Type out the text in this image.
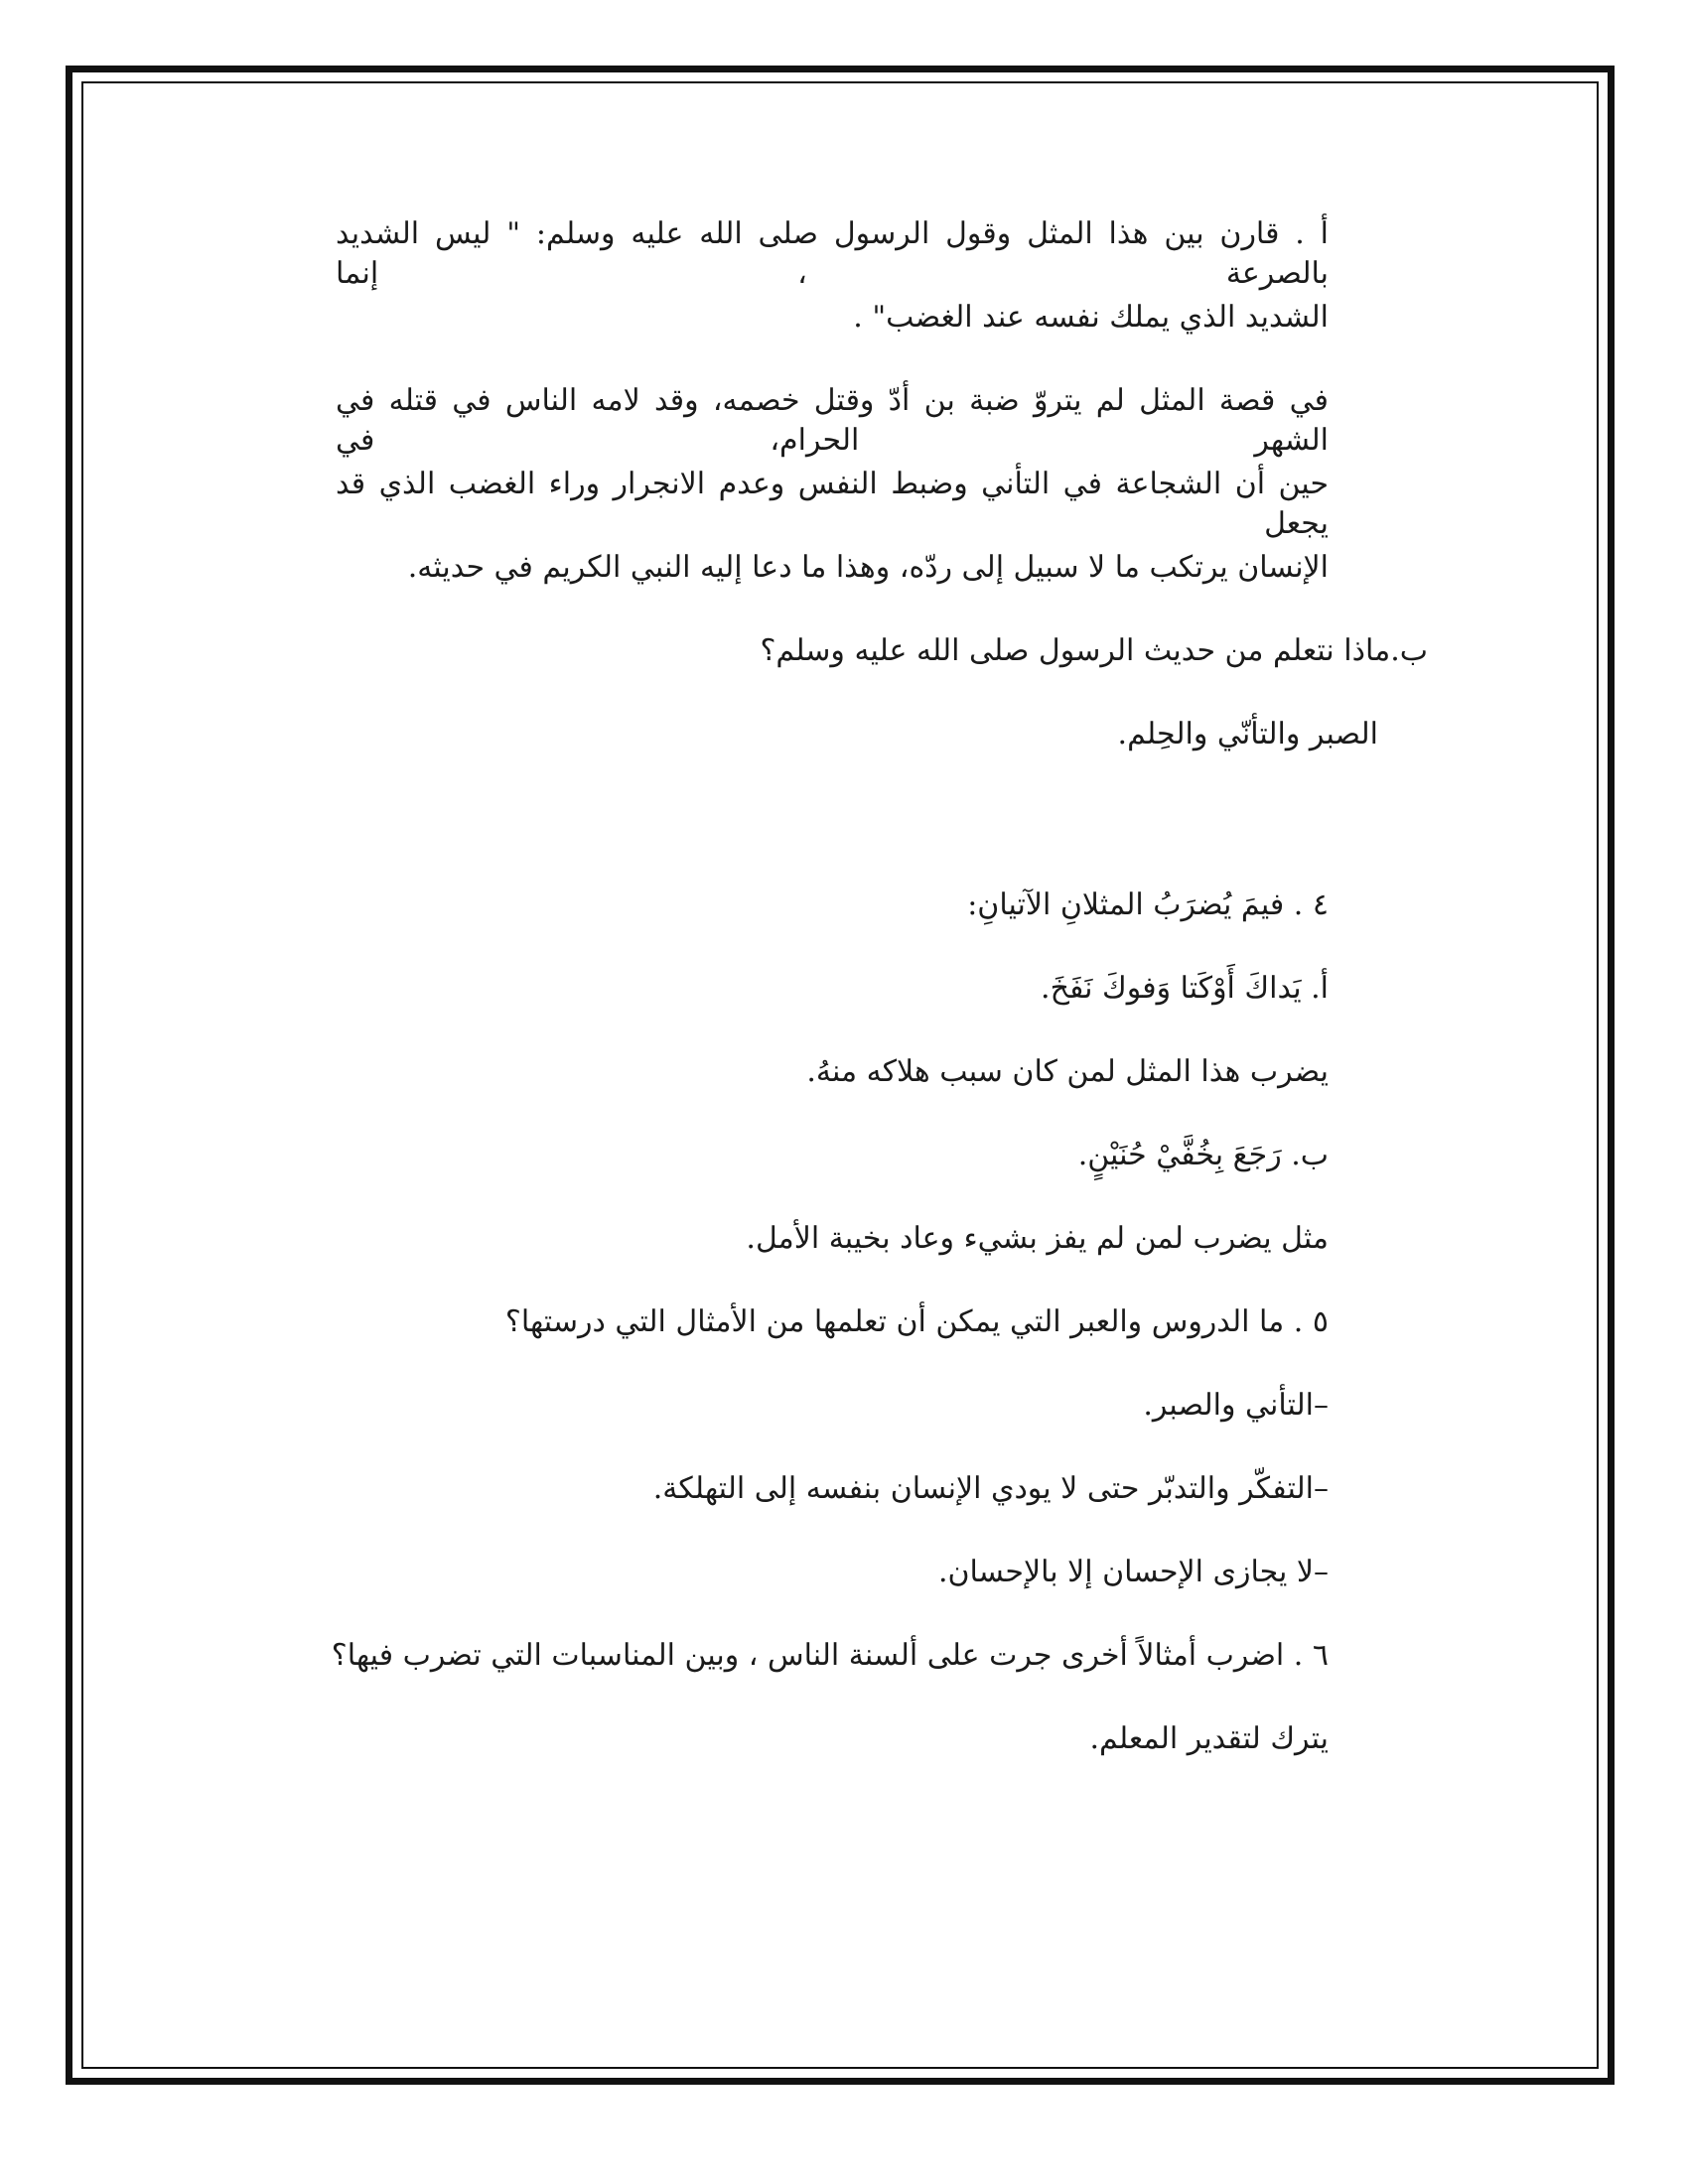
أ . قارن بين هذا المثل وقول الرسول صلى الله عليه وسلم: " ليس الشديد بالصرعة ، إنما
الشديد الذي يملك نفسه عند الغضب" .
في قصة المثل لم يتروّ ضبة بن أدّ وقتل خصمه، وقد لامه الناس في قتله في الشهر الحرام، في
حين أن الشجاعة في التأني وضبط النفس وعدم الانجرار وراء الغضب الذي قد يجعل
الإنسان يرتكب ما لا سبيل إلى ردّه، وهذا ما دعا إليه النبي الكريم في حديثه.
ب.ماذا نتعلم من حديث الرسول صلى الله عليه وسلم؟
الصبر والتأنّي والحِلم.
٤ . فيمَ يُضرَبُ المثلانِ الآتيانِ:
أ. يَداكَ أَوْكَتا وَفوكَ نَفَخَ.
يضرب هذا المثل لمن كان سبب هلاكه منهُ.
ب. رَجَعَ بِخُفَّيْ حُنَيْنٍ.
مثل يضرب لمن لم يفز بشيء وعاد بخيبة الأمل.
٥ . ما الدروس والعبر التي يمكن أن تعلمها من الأمثال التي درستها؟
–التأني والصبر.
–التفكّر والتدبّر حتى لا يودي الإنسان بنفسه إلى التهلكة.
–لا يجازى الإحسان إلا بالإحسان.
٦ . اضرب أمثالاً أخرى جرت على ألسنة الناس ، وبين المناسبات التي تضرب فيها؟
يترك لتقدير المعلم.
